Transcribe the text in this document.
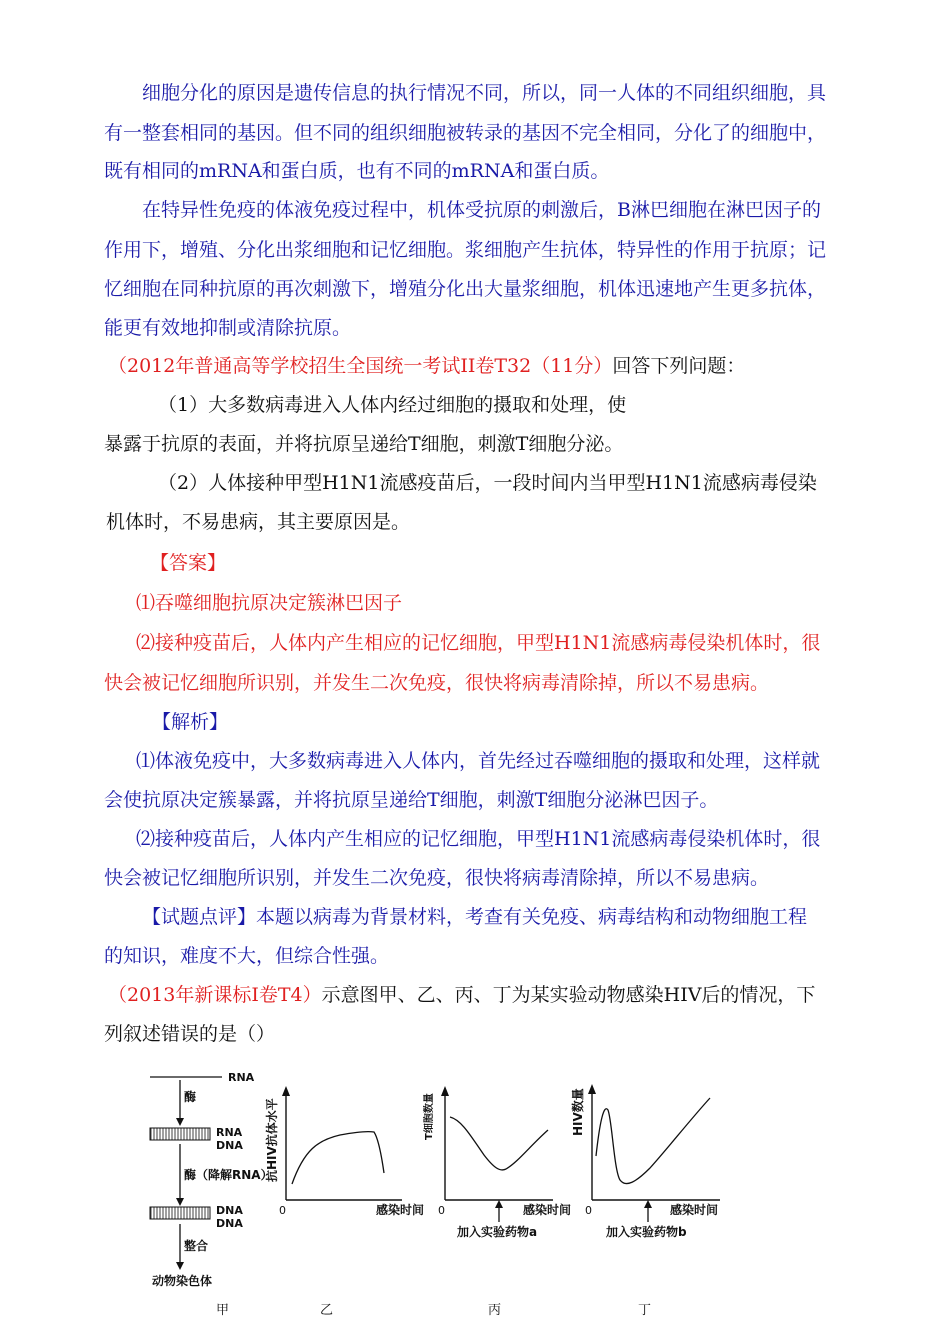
细胞分化的原因是遗传信息的执行情况不同，所以，同一人体的不同组织细胞，具
有一整套相同的基因。但不同的组织细胞被转录的基因不完全相同，分化了的细胞中，
既有相同的mRNA和蛋白质，也有不同的mRNA和蛋白质。
在特异性免疫的体液免疫过程中，机体受抗原的刺激后，B淋巴细胞在淋巴因子的
作用下，增殖、分化出浆细胞和记忆细胞。浆细胞产生抗体，特异性的作用于抗原；记
忆细胞在同种抗原的再次刺激下，增殖分化出大量浆细胞，机体迅速地产生更多抗体，
能更有效地抑制或清除抗原。
（2012年普通高等学校招生全国统一考试II卷T32（11分）回答下列问题：
（1）大多数病毒进入人体内经过细胞的摄取和处理，使
暴露于抗原的表面，并将抗原呈递给T细胞，刺激T细胞分泌。
（2）人体接种甲型H1N1流感疫苗后，一段时间内当甲型H1N1流感病毒侵染
机体时，不易患病，其主要原因是。
【答案】
⑴吞噬细胞抗原决定簇淋巴因子
⑵接种疫苗后，人体内产生相应的记忆细胞，甲型H1N1流感病毒侵染机体时，很
快会被记忆细胞所识别，并发生二次免疫，很快将病毒清除掉，所以不易患病。
【解析】
⑴体液免疫中，大多数病毒进入人体内，首先经过吞噬细胞的摄取和处理，这样就
会使抗原决定簇暴露，并将抗原呈递给T细胞，刺激T细胞分泌淋巴因子。
⑵接种疫苗后，人体内产生相应的记忆细胞，甲型H1N1流感病毒侵染机体时，很
快会被记忆细胞所识别，并发生二次免疫，很快将病毒清除掉，所以不易患病。
【试题点评】本题以病毒为背景材料，考查有关免疫、病毒结构和动物细胞工程
的知识，难度不大，但综合性强。
（2013年新课标I卷T4）示意图甲、乙、丙、丁为某实验动物感染HIV后的情况，下
列叙述错误的是（）
RNA
酶
RNA
DNA
酶（降解RNA）
DNA
DNA
整合
动物染色体
甲
抗HIV抗体水平
0	感染时间
乙
T细胞数量
0	感染时间
加入实验药物a
丙
HIV数量
0	感染时间
加入实验药物b
丁
